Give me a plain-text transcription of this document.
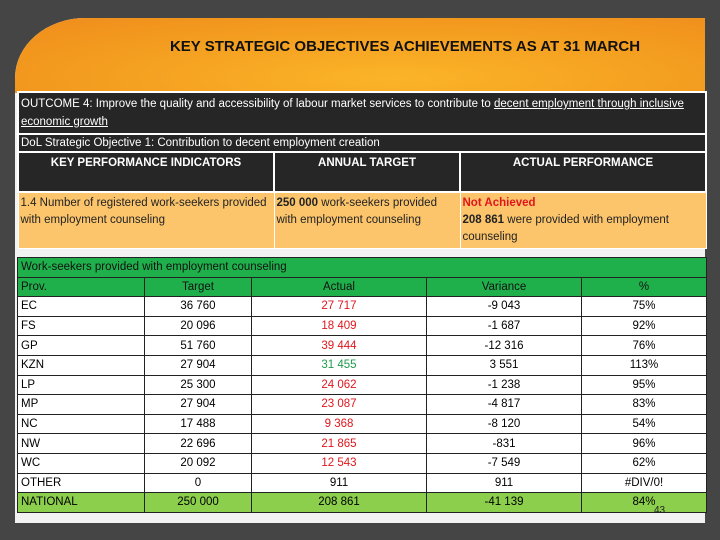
KEY STRATEGIC OBJECTIVES ACHIEVEMENTS AS AT 31 MARCH
OUTCOME 4: Improve the quality and accessibility of labour market services to contribute to decent employment through inclusive economic growth		
DoL Strategic Objective 1: Contribution to decent employment creation		
KEY PERFORMANCE INDICATORS	ANNUAL TARGET	ACTUAL PERFORMANCE
1.4 Number of registered work-seekers provided with employment counseling	250 000 work-seekers provided with employment counseling	Not Achieved
208 861 were provided with employment counseling
Work-seekers provided with employment counseling				
Prov.	Target	Actual	Variance	%
EC	36 760	27 717	-9 043	75%
FS	20 096	18 409	-1 687	92%
GP	51 760	39 444	-12 316	76%
KZN	27 904	31 455	3 551	113%
LP	25 300	24 062	-1 238	95%
MP	27 904	23 087	-4 817	83%
NC	17 488	9 368	-8 120	54%
NW	22 696	21 865	-831	96%
WC	20 092	12 543	-7 549	62%
OTHER	0	911	911	#DIV/0!
NATIONAL	250 000	208 861	-41 139	84%
43
